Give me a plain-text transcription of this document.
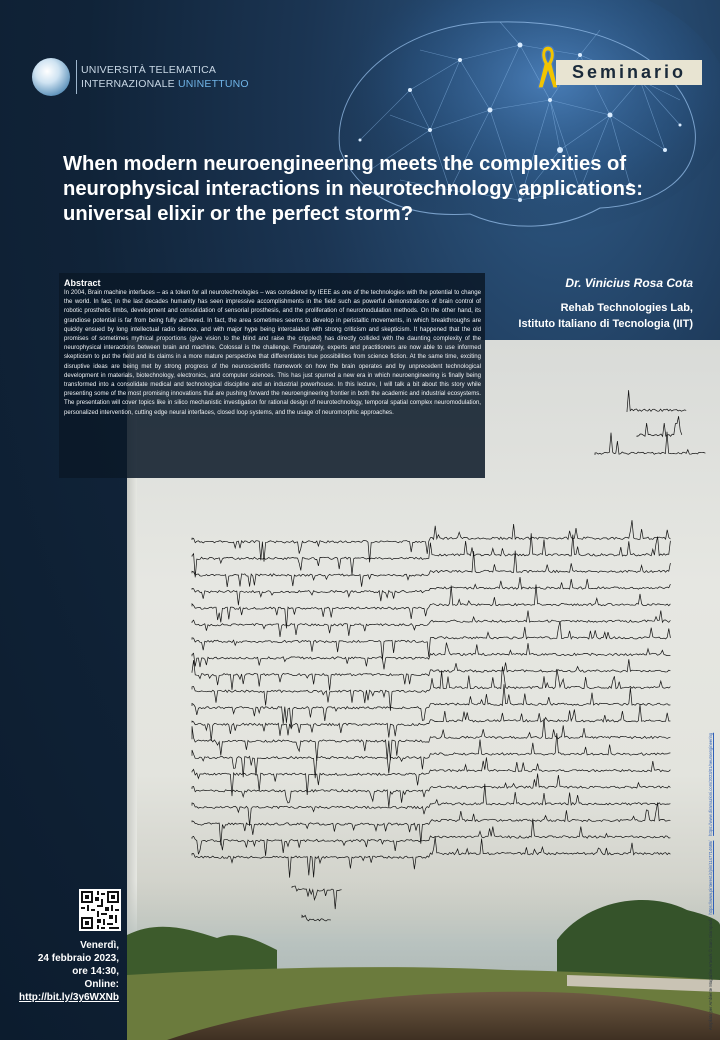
UNIVERSITÀ TELEMATICA
INTERNAZIONALE UNINETTUNO
Seminario
When modern neuroengineering meets the complexities of neurophysical interactions in neurotechnology applications: universal elixir or the perfect storm?
Dr. Vinicius Rosa Cota
Rehab Technologies Lab,
Istituto Italiano di Tecnologia (IIT)
Abstract
In 2004, Brain machine interfaces – as a token for all neurotechnologies – was considered by IEEE as one of the technologies with the potential to change the world. In fact, in the last decades humanity has seen impressive accomplishments in the field such as powerful demonstrations of brain control of robotic prosthetic limbs, development and consolidation of sensorial prosthesis, and the proliferation of neuromodulation methods. On the other hand, its grandiose potential is far from being fully achieved. In fact, the area sometimes seems to develop in peristaltic movements, in which breakthroughs are quickly ensued by long intellectual radio silence, and with major hype being intercalated with strong criticism and skepticism. It happened that the old promises of sometimes mythical proportions (give vision to the blind and raise the crippled) has directly collided with the daunting complexity of the neurophysical interactions between brain and machine. Colossal is the challenge. Fortunately, experts and practitioners are now able to use informed skepticism to put the field and its claims in a more mature perspective that differentiates true possibilities from science fiction. At the same time, exciting disruptive ideas are being met by strong progress of the neuroscientific framework on how the brain operates and by unprecedent technological development in materials, biotechnology, electronics, and computer sciences. This has just spurred a new era in which neuroengineering is finally being transformed into a consolidate medical and technological discipline and an industrial powerhouse. In this lecture, I will talk a bit about this story while presenting some of the most promising innovations that are pushing forward the neuroengineering frontier in both the academic and industrial ecosystems. The presentation will cover topics like in silico mechanistic investigation for rational design of neurotechnology, temporal spatial complex neuromodulation, personalized intervention, cutting edge neural interfaces, closed loop systems, and the usage of neuromorphic approaches.
Venerdì,
24 febbraio 2023,
ore 14:30,
Online:
http://bit.ly/3y6WXNb	Ampliato per Ambiente Magazine Artwork © Saro Giampaoli    https://www.pinterest.it/pin/1147714686/    https://www.diramazioni.com/2023/01/neuroengineering
